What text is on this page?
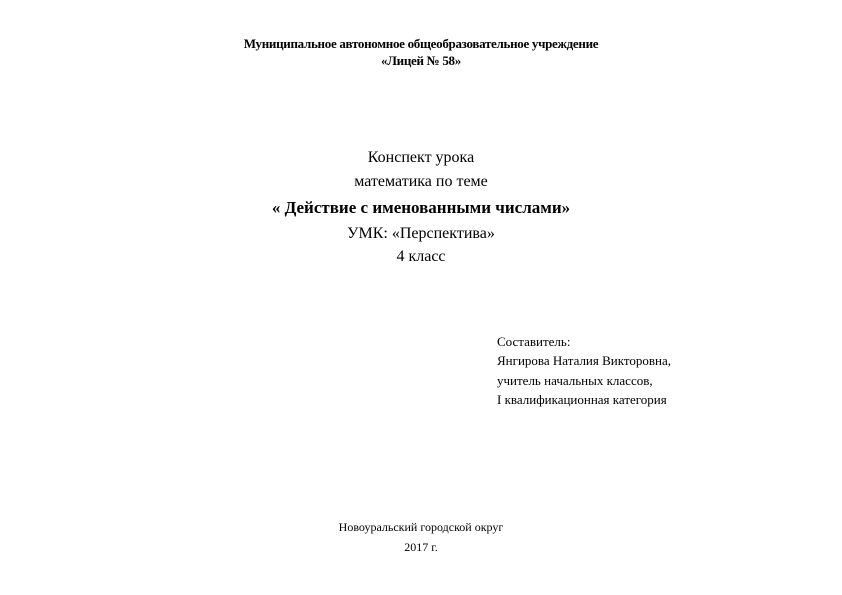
Муниципальное автономное общеобразовательное учреждение

«Лицей № 58»

Конспект урока

математика по теме

« Действие с именованными числами»

УМК: «Перспектива»

4 класс

Составитель:

Янгирова Наталия Викторовна,

учитель начальных классов,

I квалификационная категория

Новоуральский городской округ

2017 г.
